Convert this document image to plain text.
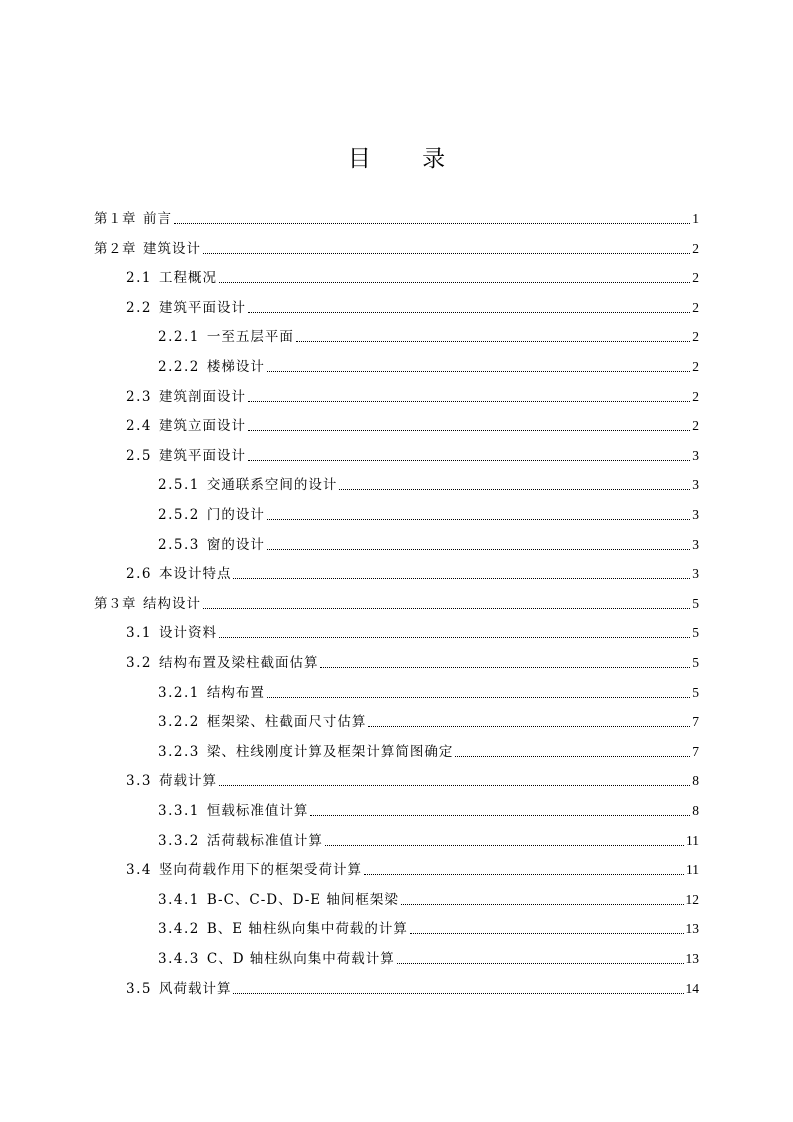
目 录
第１章 前言	1
第２章 建筑设计	2
2.1 工程概况	2
2.2 建筑平面设计	2
2.2.1 一至五层平面	2
2.2.2 楼梯设计	2
2.3 建筑剖面设计	2
2.4 建筑立面设计	2
2.5 建筑平面设计	3
2.5.1 交通联系空间的设计	3
2.5.2 门的设计	3
2.5.3 窗的设计	3
2.6 本设计特点	3
第３章 结构设计	5
3.1 设计资料	5
3.2 结构布置及梁柱截面估算	5
3.2.1 结构布置	5
3.2.2 框架梁、柱截面尺寸估算	7
3.2.3 梁、柱线刚度计算及框架计算简图确定	7
3.3 荷载计算	8
3.3.1 恒载标准值计算	8
3.3.2 活荷载标准值计算	11
3.4 竖向荷载作用下的框架受荷计算	11
3.4.1 B-C、C-D、D-E 轴间框架梁	12
3.4.2 B、E 轴柱纵向集中荷载的计算	13
3.4.3 C、D 轴柱纵向集中荷载计算	13
3.5 风荷载计算	14
